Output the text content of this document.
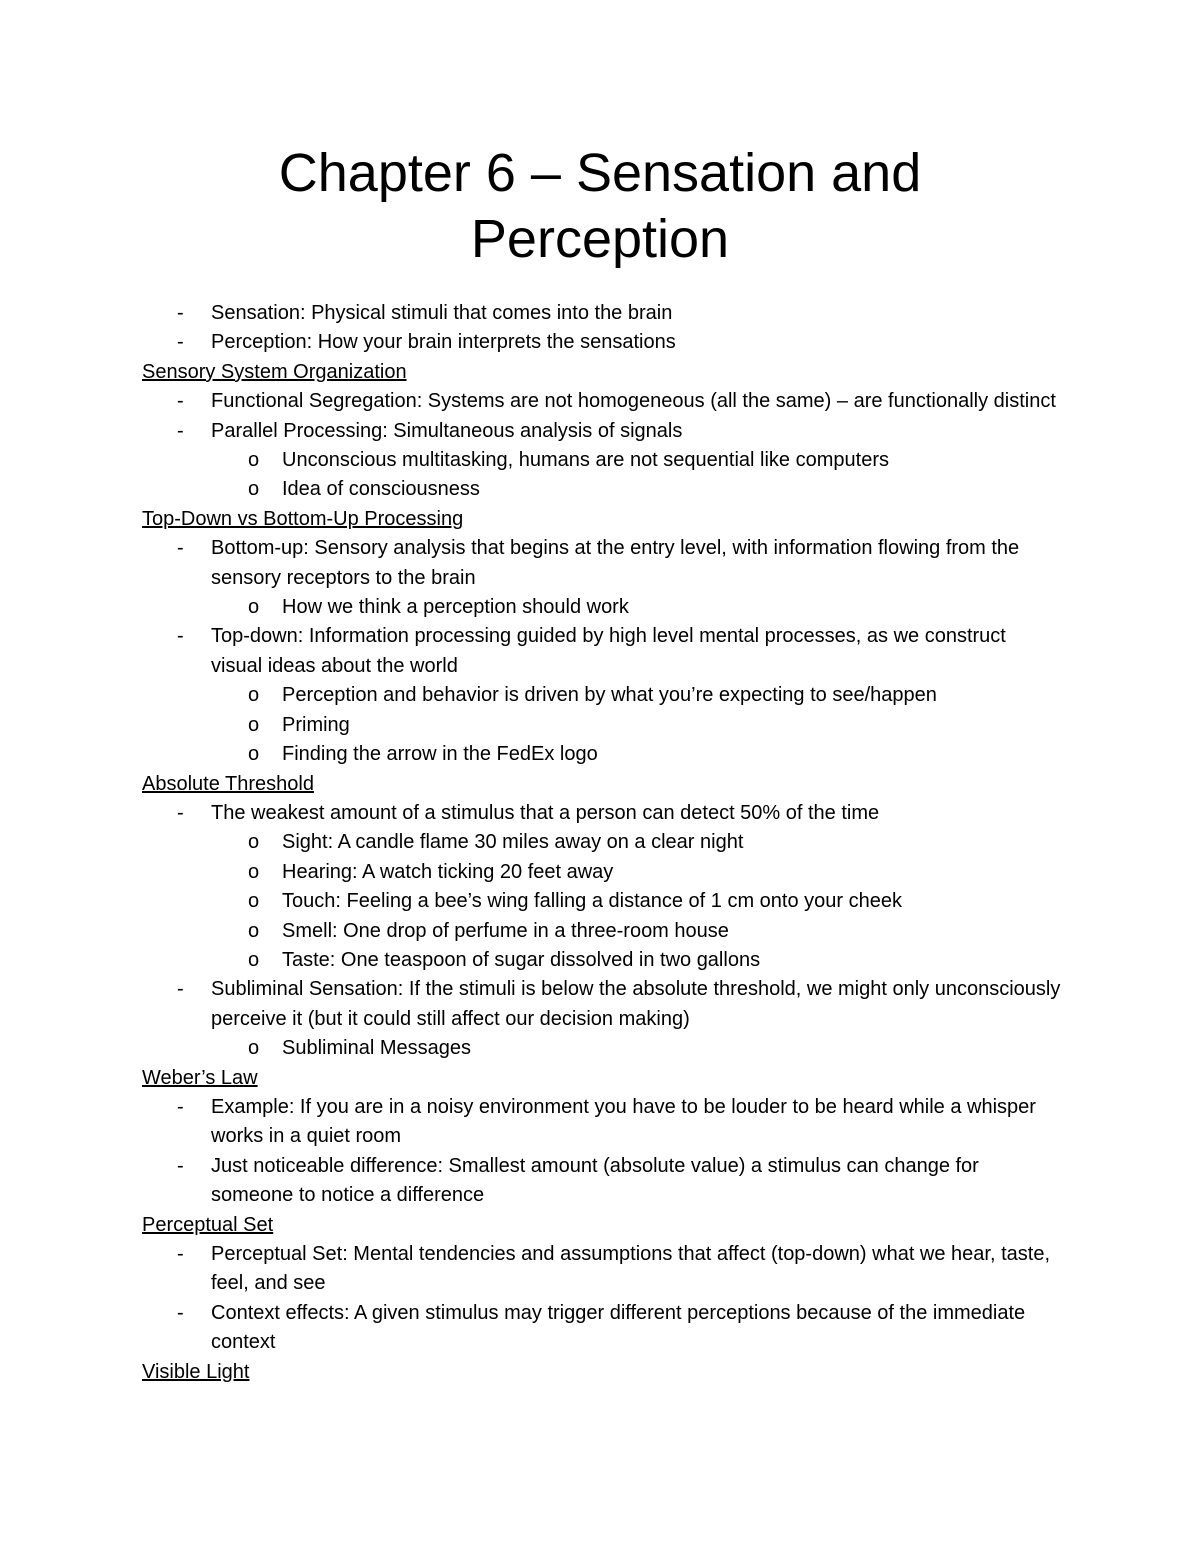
Chapter 6 – Sensation and
Perception

- Sensation: Physical stimuli that comes into the brain

- Perception: How your brain interprets the sensations

Sensory System Organization

- Functional Segregation: Systems are not homogeneous (all the same) – are functionally distinct

- Parallel Processing: Simultaneous analysis of signals

o Unconscious multitasking, humans are not sequential like computers

o Idea of consciousness

Top-Down vs Bottom-Up Processing

- Bottom-up: Sensory analysis that begins at the entry level, with information flowing from the sensory receptors to the brain

o How we think a perception should work

- Top-down: Information processing guided by high level mental processes, as we construct visual ideas about the world

o Perception and behavior is driven by what you’re expecting to see/happen

o Priming

o Finding the arrow in the FedEx logo

Absolute Threshold

- The weakest amount of a stimulus that a person can detect 50% of the time

o Sight: A candle flame 30 miles away on a clear night

o Hearing: A watch ticking 20 feet away

o Touch: Feeling a bee’s wing falling a distance of 1 cm onto your cheek

o Smell: One drop of perfume in a three-room house

o Taste: One teaspoon of sugar dissolved in two gallons

- Subliminal Sensation: If the stimuli is below the absolute threshold, we might only unconsciously perceive it (but it could still affect our decision making)

o Subliminal Messages

Weber’s Law

- Example: If you are in a noisy environment you have to be louder to be heard while a whisper works in a quiet room

- Just noticeable difference: Smallest amount (absolute value) a stimulus can change for someone to notice a difference

Perceptual Set

- Perceptual Set: Mental tendencies and assumptions that affect (top-down) what we hear, taste, feel, and see

- Context effects: A given stimulus may trigger different perceptions because of the immediate context

Visible Light
